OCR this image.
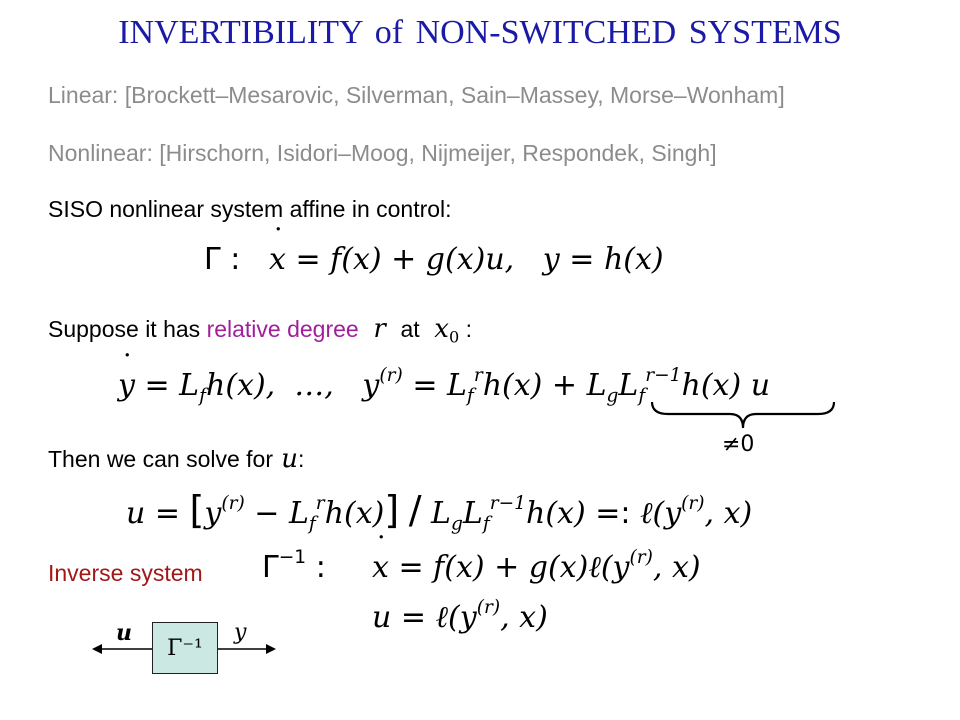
INVERTIBILITY of NON-SWITCHED SYSTEMS
Linear: [Brockett–Mesarovic, Silverman, Sain–Massey, Morse–Wonham]
Nonlinear: [Hirschorn, Isidori–Moog, Nijmeijer, Respondek, Singh]
SISO nonlinear system affine in control:
Γ : ˙ x = f(x) + g(x)u,   y = h(x)
Suppose it has relative degree  r  at  $x_0$ :
˙ $y = L_fh(x)$,  …,   $y^{(r)} = L_f^rh(x) + L_gL_f^{r-1}h(x)$ u
≠0
Then we can solve for u:
$u = [y^{(r)} - L_f^rh(x)] / L_gL_f^{r-1}h(x)$ =: $\ell(y^{(r)}$, x)
Inverse system $\Gamma^{-1}$ : ˙ $x = f(x) + g(x)\ell(y^{(r)}$, x)
$u = \ell(y^{(r)}$, x)
u	y
Γ⁻¹
